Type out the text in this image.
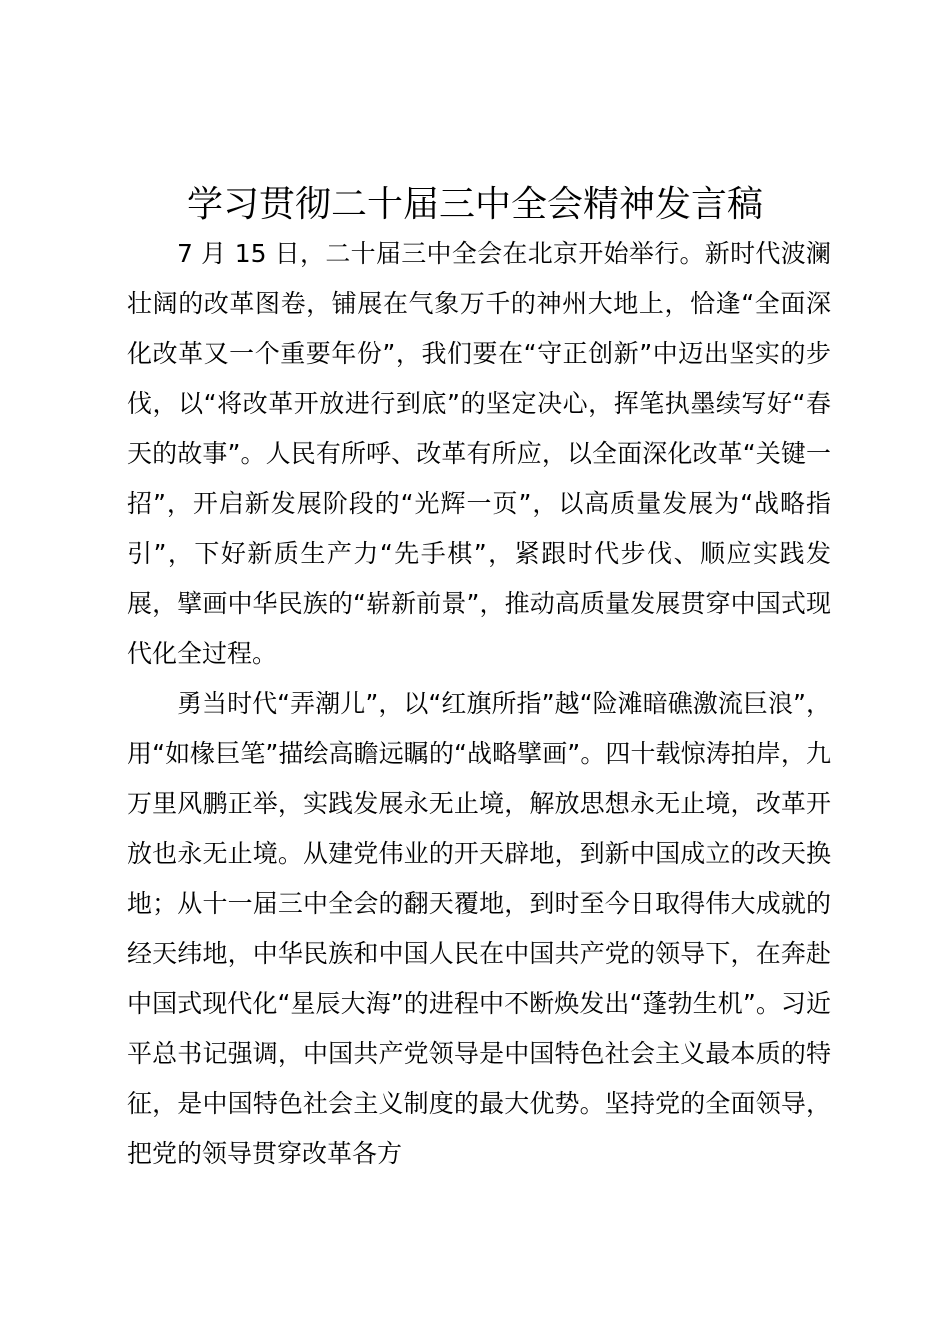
学习贯彻二十届三中全会精神发言稿

7 月 15 日，二十届三中全会在北京开始举行。新时代波澜壮阔的改革图卷，铺展在气象万千的神州大地上，恰逢“全面深化改革又一个重要年份”，我们要在“守正创新”中迈出坚实的步伐，以“将改革开放进行到底”的坚定决心，挥笔执墨续写好“春天的故事”。人民有所呼、改革有所应，以全面深化改革“关键一招”，开启新发展阶段的“光辉一页”，以高质量发展为“战略指引”，下好新质生产力“先手棋”，紧跟时代步伐、顺应实践发展，擘画中华民族的“崭新前景”，推动高质量发展贯穿中国式现代化全过程。

勇当时代“弄潮儿”，以“红旗所指”越“险滩暗礁激流巨浪”，用“如椽巨笔”描绘高瞻远瞩的“战略擘画”。四十载惊涛拍岸，九万里风鹏正举，实践发展永无止境，解放思想永无止境，改革开放也永无止境。从建党伟业的开天辟地，到新中国成立的改天换地；从十一届三中全会的翻天覆地，到时至今日取得伟大成就的经天纬地，中华民族和中国人民在中国共产党的领导下，在奔赴中国式现代化“星辰大海”的进程中不断焕发出“蓬勃生机”。习近平总书记强调，中国共产党领导是中国特色社会主义最本质的特征，是中国特色社会主义制度的最大优势。坚持党的全面领导，把党的领导贯穿改革各方
